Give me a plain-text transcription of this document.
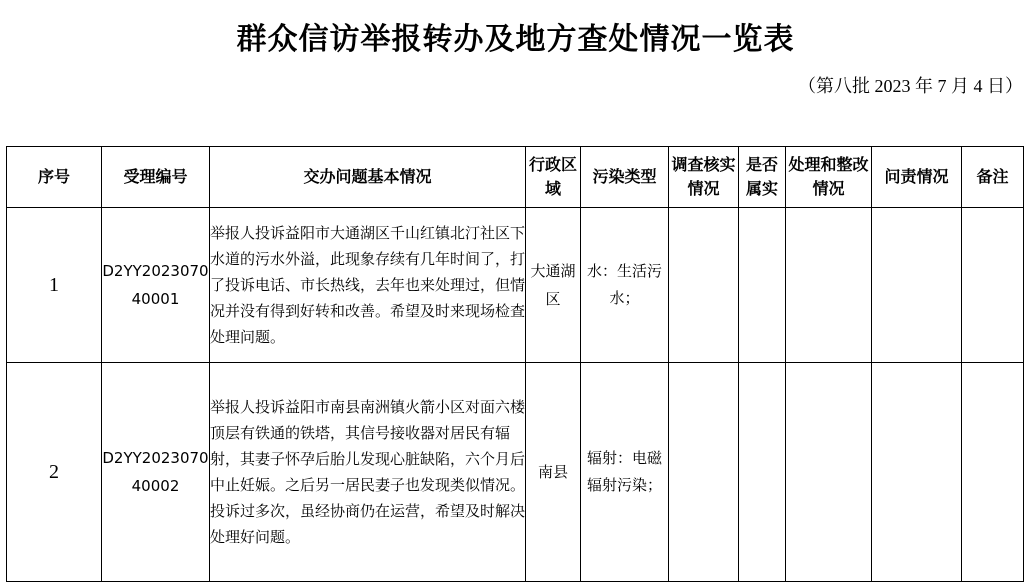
群众信访举报转办及地方查处情况一览表
（第八批 2023 年 7 月 4 日）
序号	受理编号	交办问题基本情况	行政区域	污染类型	调查核实情况	是否属实	处理和整改情况	问责情况	备注
1	D2YY202307040001	举报人投诉益阳市大通湖区千山红镇北汀社区下水道的污水外溢，此现象存续有几年时间了，打了投诉电话、市长热线，去年也来处理过，但情况并没有得到好转和改善。希望及时来现场检查处理问题。	大通湖区	水：生活污水；					
2	D2YY202307040002	举报人投诉益阳市南县南洲镇火箭小区对面六楼顶层有铁通的铁塔，其信号接收器对居民有辐射，其妻子怀孕后胎儿发现心脏缺陷，六个月后中止妊娠。之后另一居民妻子也发现类似情况。投诉过多次，虽经协商仍在运营，希望及时解决处理好问题。	南县	辐射：电磁辐射污染；					
